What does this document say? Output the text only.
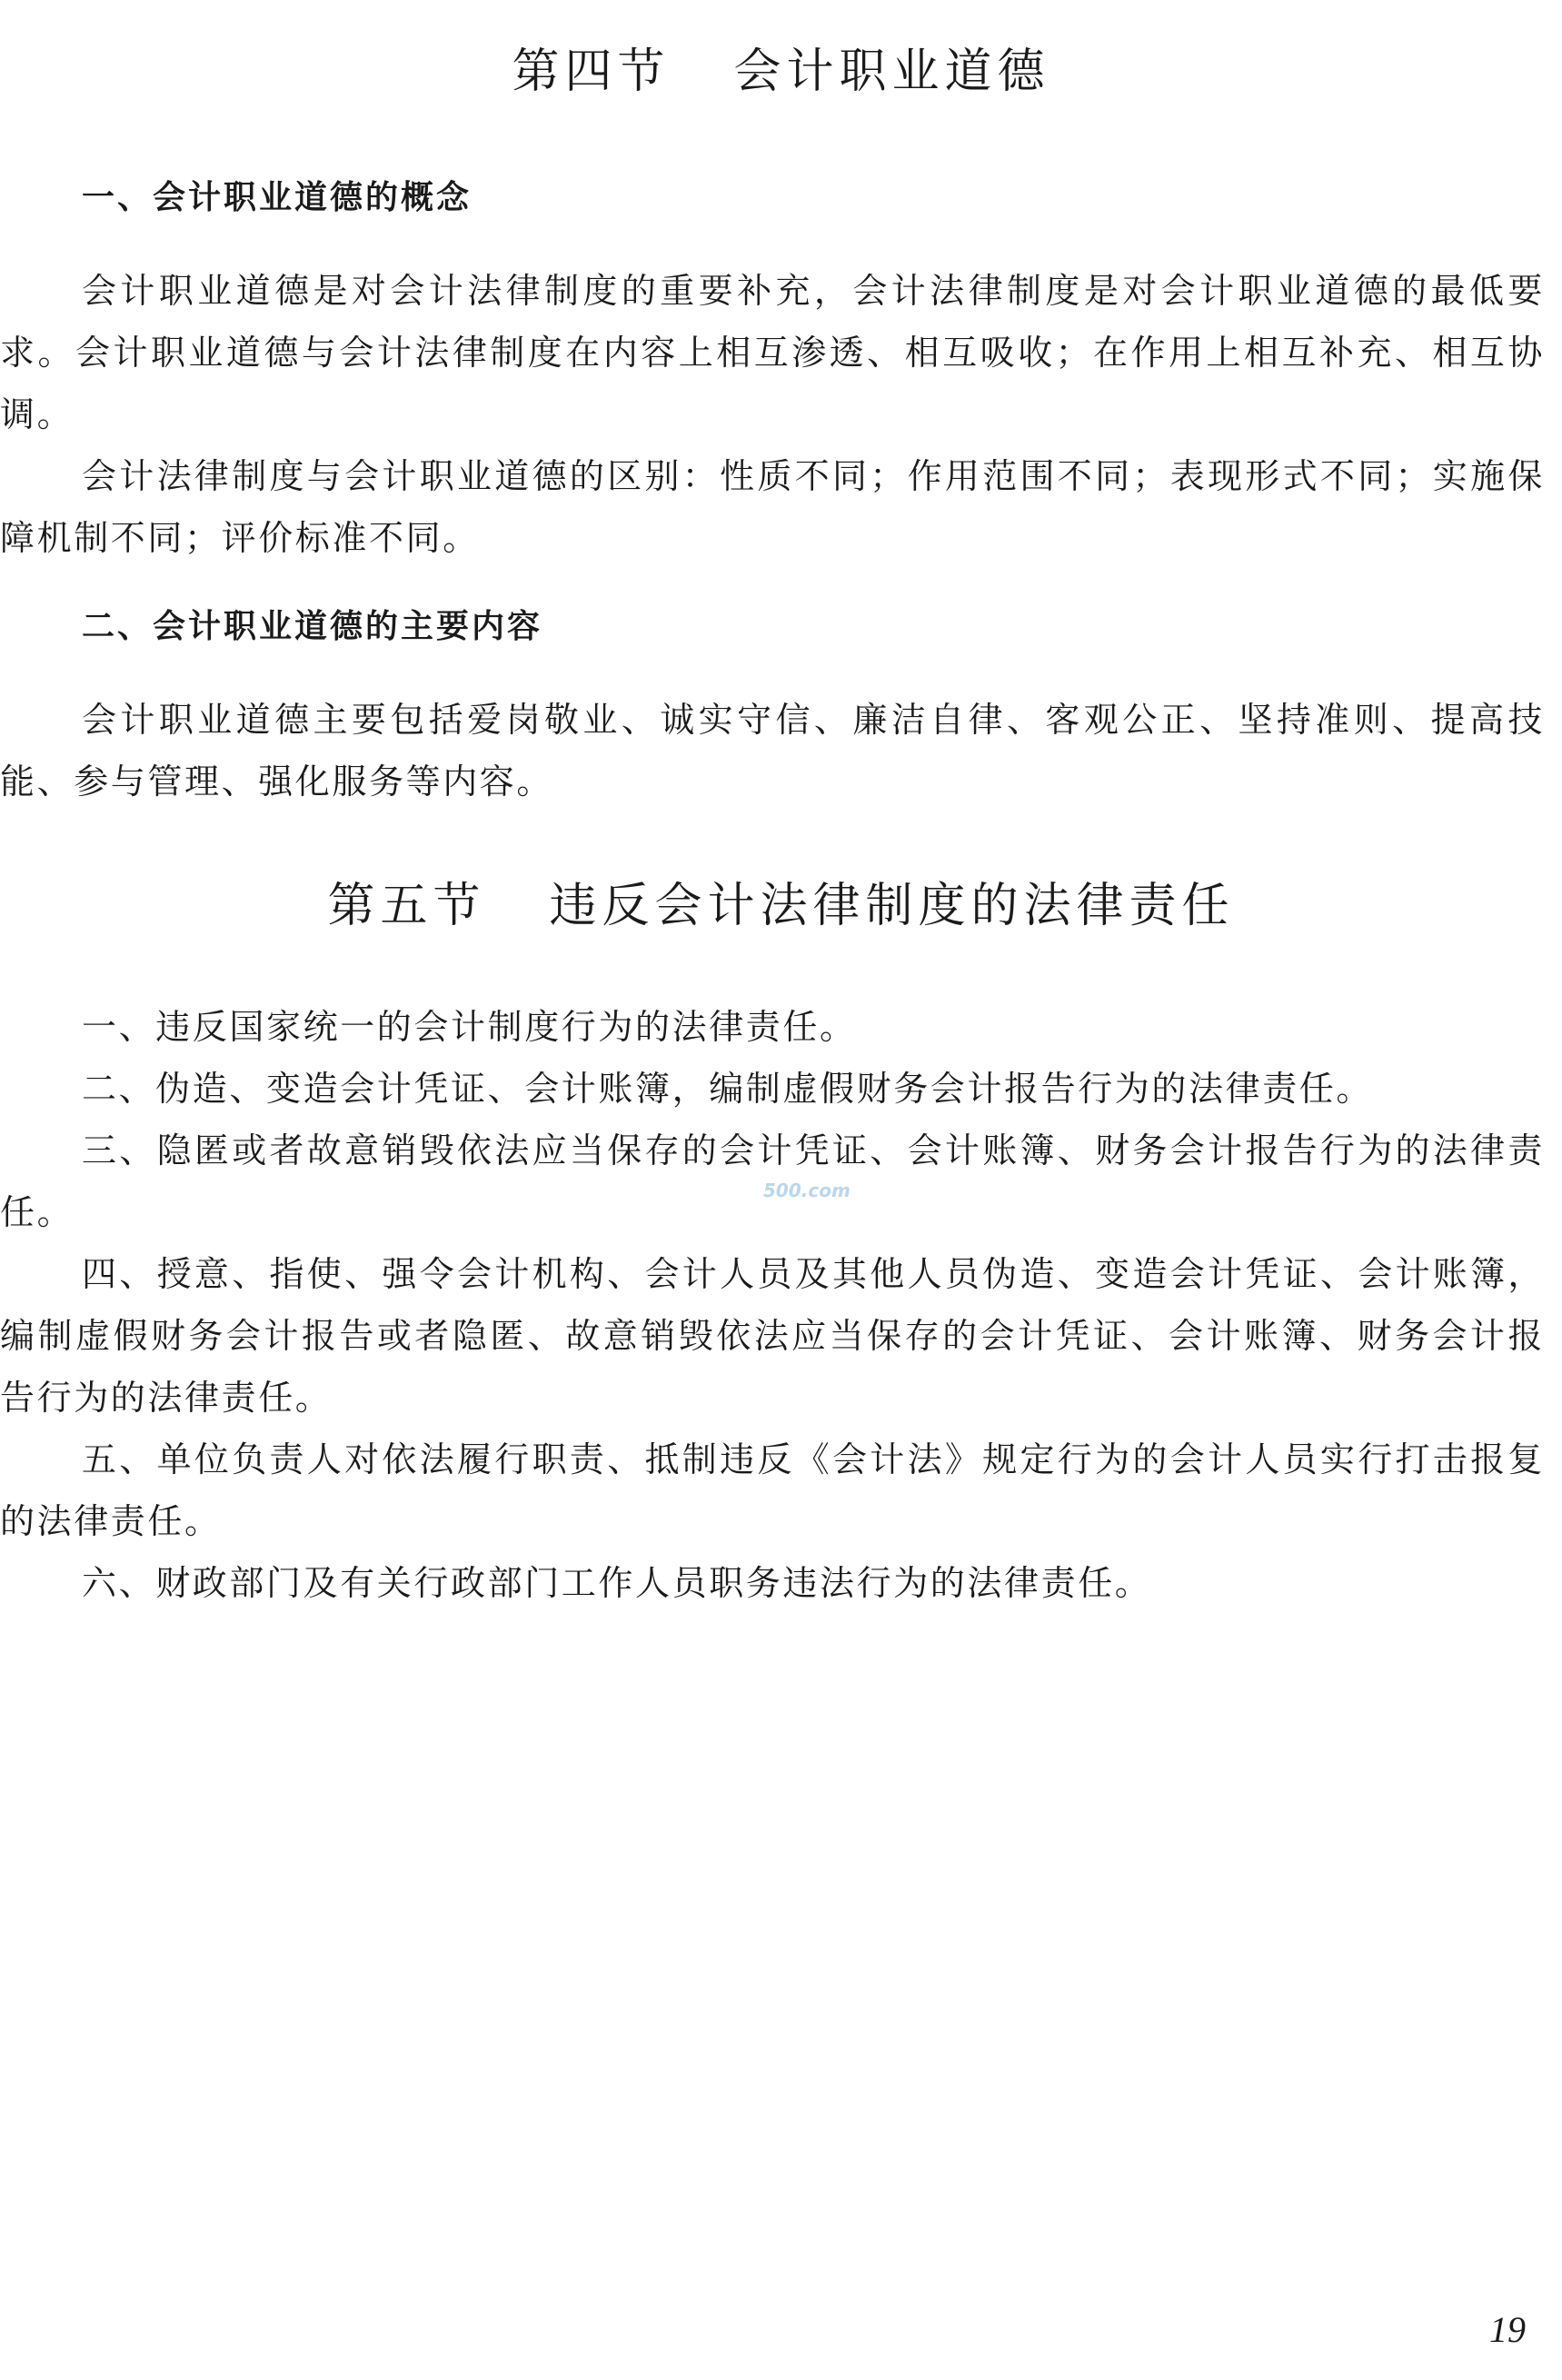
第四节 会计职业道德
一、会计职业道德的概念

会计职业道德是对会计法律制度的重要补充，会计法律制度是对会计职业道德的最低要求。会计职业道德与会计法律制度在内容上相互渗透、相互吸收；在作用上相互补充、相互协调。

会计法律制度与会计职业道德的区别：性质不同；作用范围不同；表现形式不同；实施保障机制不同；评价标准不同。

二、会计职业道德的主要内容

会计职业道德主要包括爱岗敬业、诚实守信、廉洁自律、客观公正、坚持准则、提高技能、参与管理、强化服务等内容。

第五节 违反会计法律制度的法律责任

一、违反国家统一的会计制度行为的法律责任。

二、伪造、变造会计凭证、会计账簿，编制虚假财务会计报告行为的法律责任。

三、隐匿或者故意销毁依法应当保存的会计凭证、会计账簿、财务会计报告行为的法律责任。

四、授意、指使、强令会计机构、会计人员及其他人员伪造、变造会计凭证、会计账簿，编制虚假财务会计报告或者隐匿、故意销毁依法应当保存的会计凭证、会计账簿、财务会计报告行为的法律责任。

五、单位负责人对依法履行职责、抵制违反《会计法》规定行为的会计人员实行打击报复的法律责任。

六、财政部门及有关行政部门工作人员职务违法行为的法律责任。

500.com
19
